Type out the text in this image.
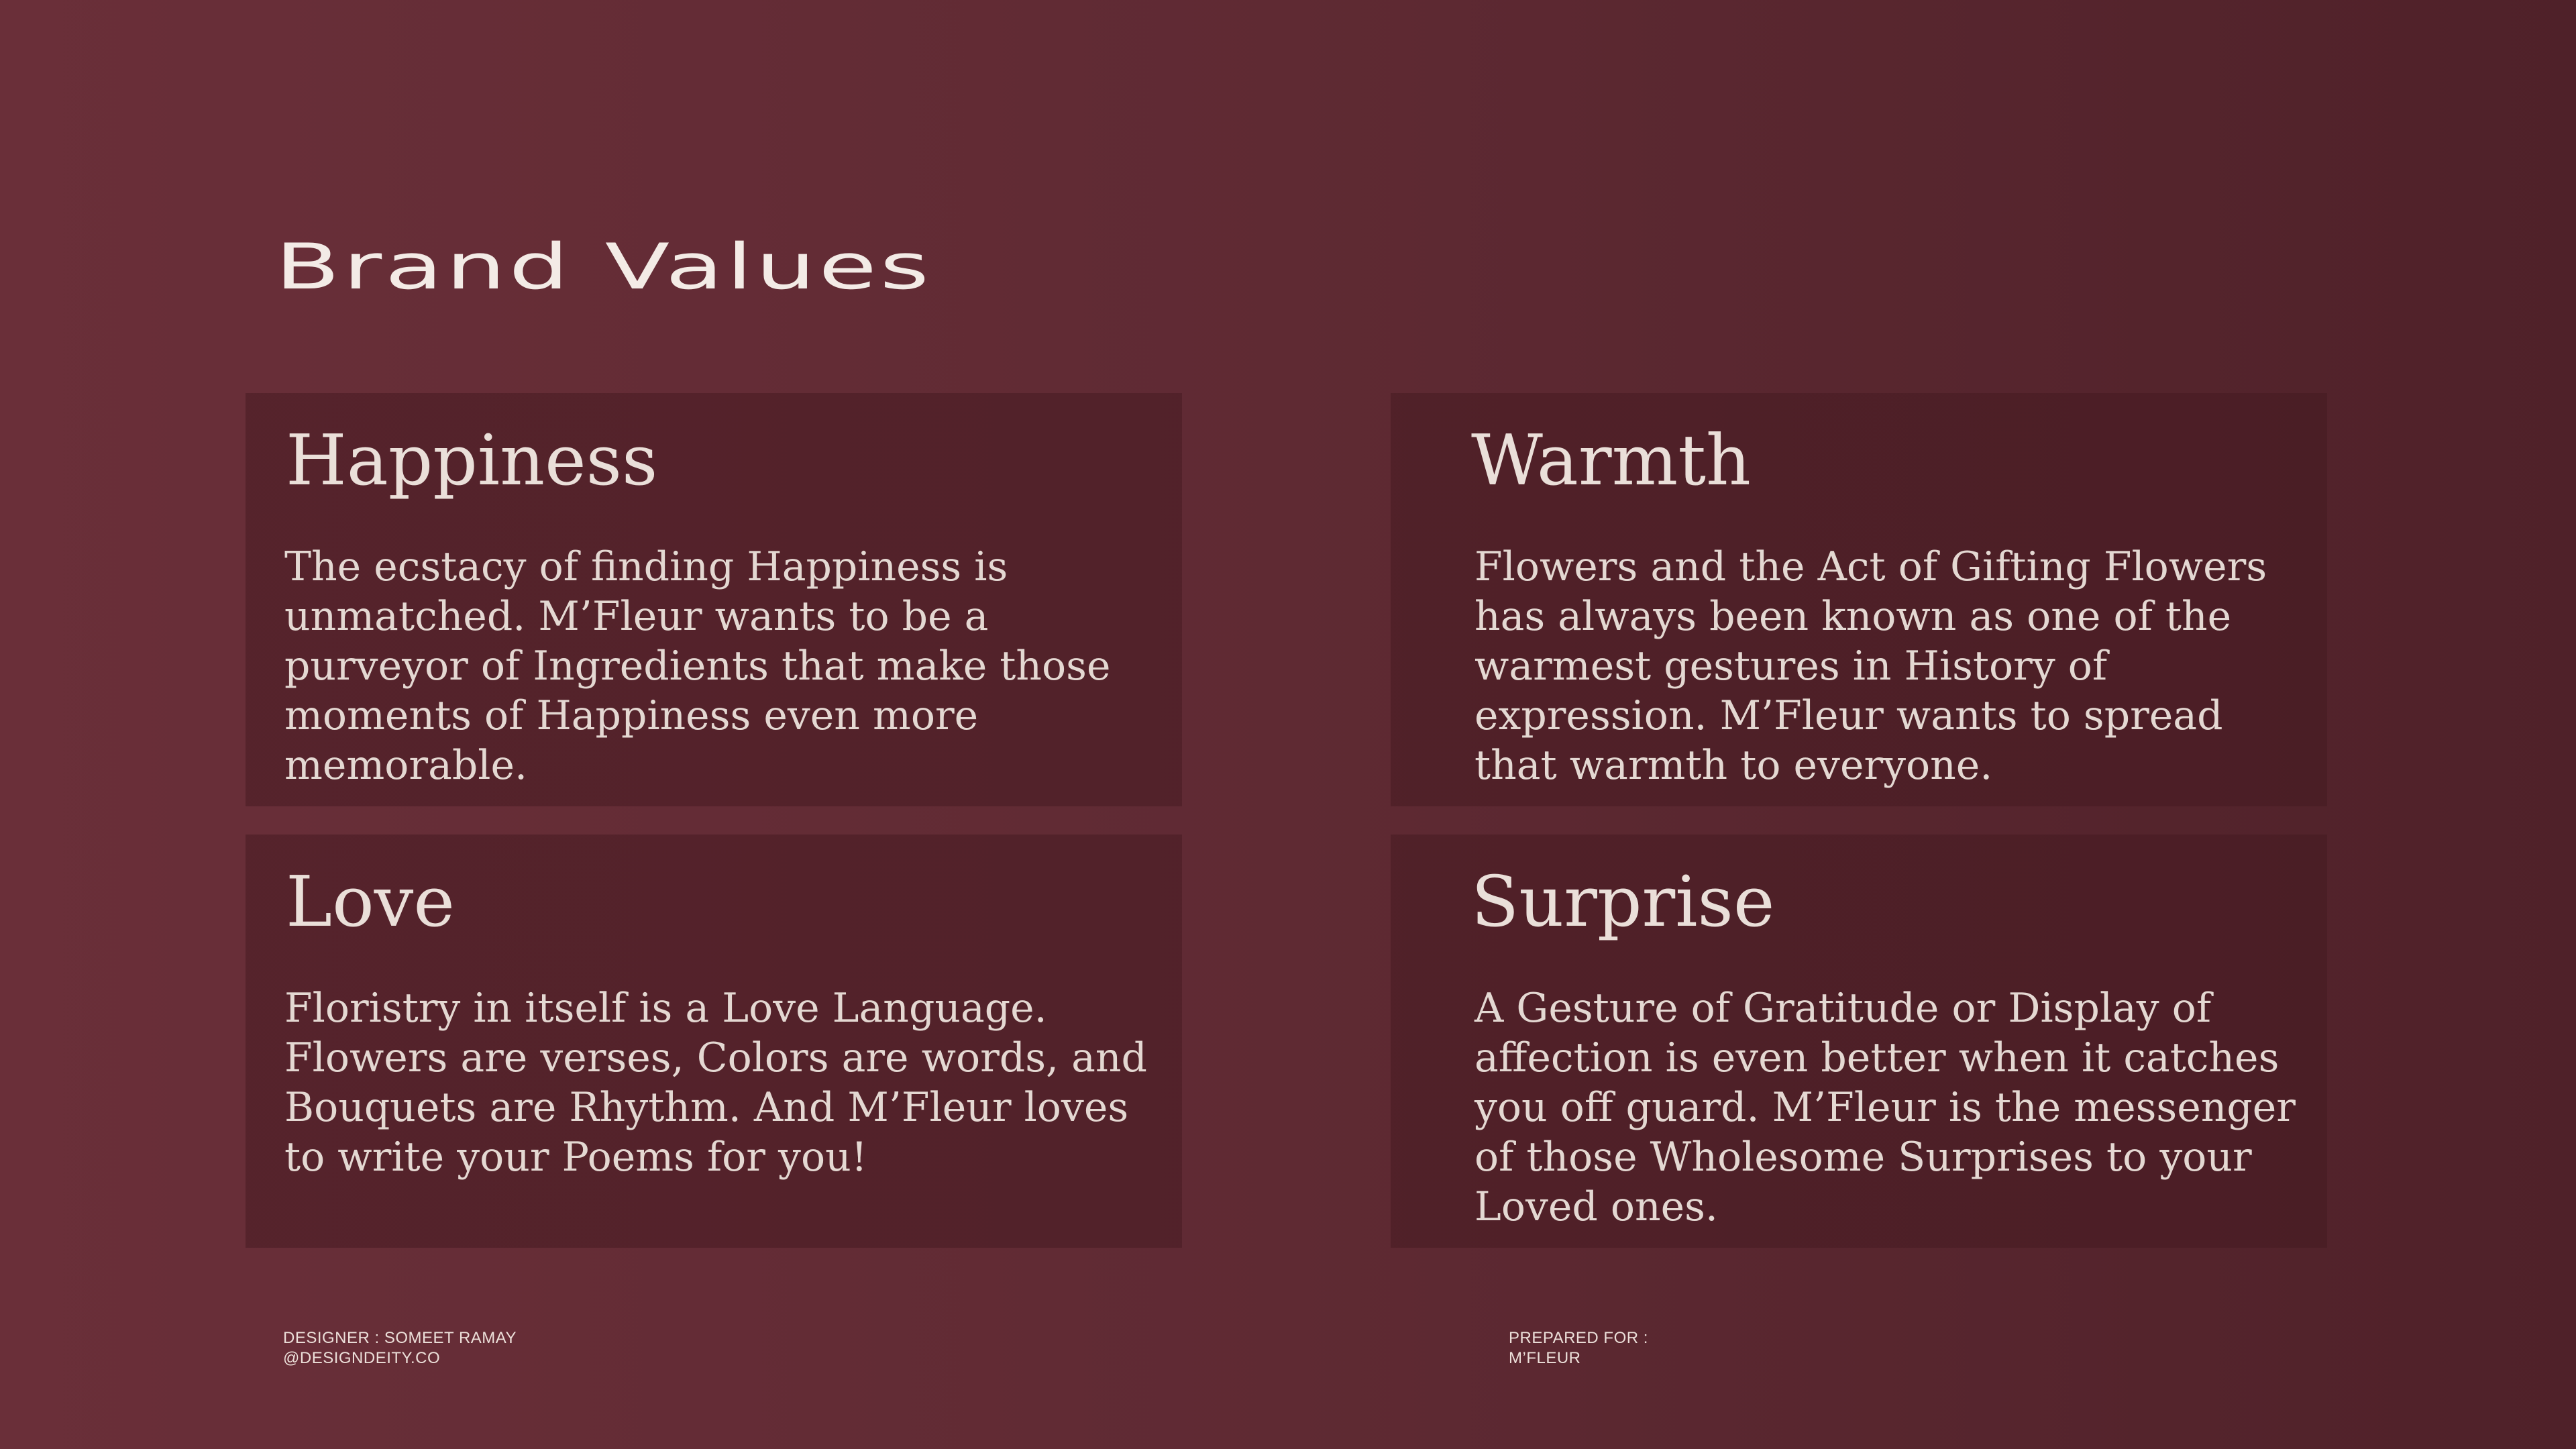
Brand Values
Happiness

The ecstacy of finding Happiness is unmatched. M’Fleur wants to be a purveyor of Ingredients that make those moments of Happiness even more memorable.

Warmth

Flowers and the Act of Gifting Flowers has always been known as one of the warmest gestures in History of expression. M’Fleur wants to spread that warmth to everyone.

Love

Floristry in itself is a Love Language. Flowers are verses, Colors are words, and Bouquets are Rhythm. And M’Fleur loves to write your Poems for you!

Surprise

A Gesture of Gratitude or Display of affection is even better when it catches you off guard. M’Fleur is the messenger of those Wholesome Surprises to your Loved ones.

DESIGNER : SOMEET RAMAY
@DESIGNDEITY.CO
PREPARED FOR :
M’FLEUR
